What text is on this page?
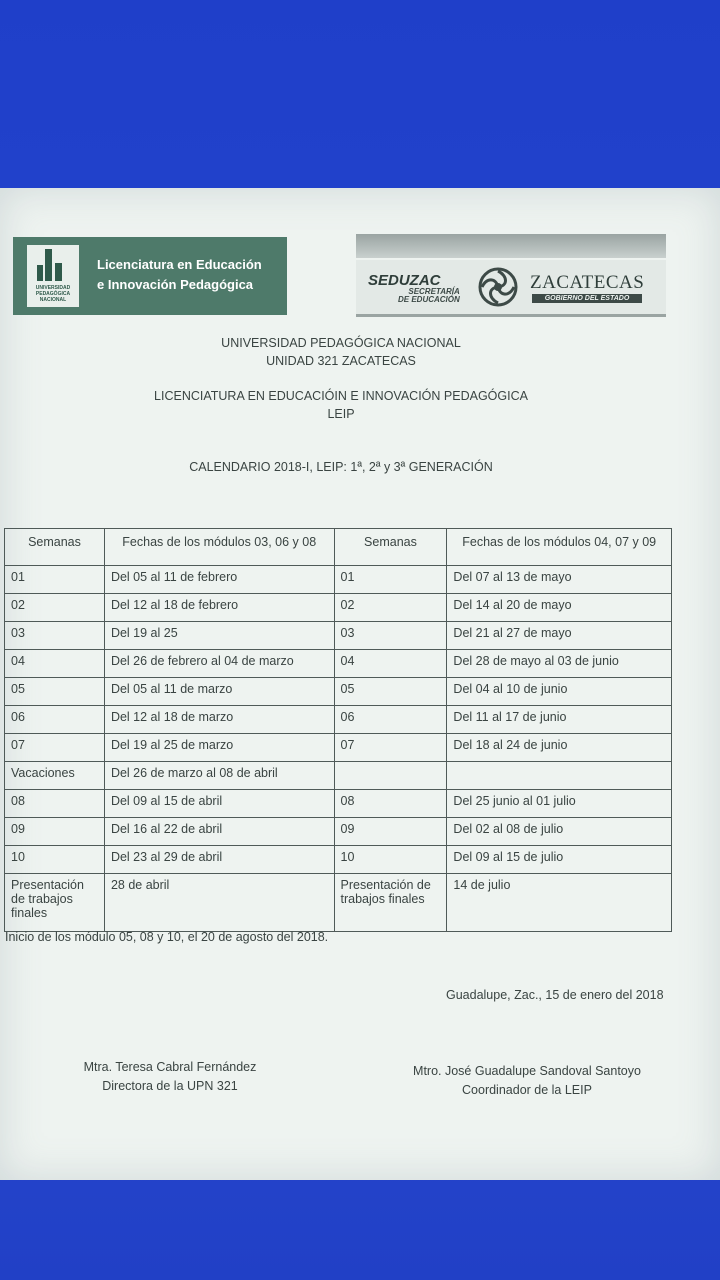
UNIVERSIDAD PEDAGÓGICA NACIONAL
Licenciatura en Educación
e Innovación Pedagógica	SEDUZAC
SECRETARÍA
DE EDUCACIÓN
ZACATECAS
GOBIERNO DEL ESTADO
UNIVERSIDAD PEDAGÓGICA NACIONAL
UNIDAD 321 ZACATECAS
LICENCIATURA EN EDUCACIÓIN E INNOVACIÓN PEDAGÓGICA
LEIP
CALENDARIO 2018-I, LEIP: 1ª, 2ª y 3ª GENERACIÓN
Semanas	Fechas de los módulos 03, 06 y 08	Semanas	Fechas de los módulos 04, 07 y 09
01	Del 05 al 11 de febrero	01	Del 07 al 13 de mayo
02	Del 12 al 18 de febrero	02	Del 14 al 20 de mayo
03	Del 19 al 25	03	Del 21 al 27 de mayo
04	Del 26 de febrero al 04 de marzo	04	Del 28 de mayo al 03 de junio
05	Del 05 al 11 de marzo	05	Del 04 al 10 de junio
06	Del 12 al 18 de marzo	06	Del 11 al 17 de junio
07	Del 19 al 25 de marzo	07	Del 18 al 24 de junio
Vacaciones	Del 26 de marzo al 08 de abril		
08	Del 09 al 15 de abril	08	Del 25 junio al 01 julio
09	Del 16 al 22 de abril	09	Del 02 al 08 de julio
10	Del 23 al 29 de abril	10	Del 09 al 15 de julio
Presentación de trabajos finales	28 de abril	Presentación de trabajos finales	14 de julio
Inicio de los módulo 05, 08 y 10, el 20 de agosto del 2018.
Guadalupe, Zac., 15 de enero del 2018
Mtra. Teresa Cabral Fernández
Directora de la UPN 321
Mtro. José Guadalupe Sandoval Santoyo
Coordinador de la LEIP
